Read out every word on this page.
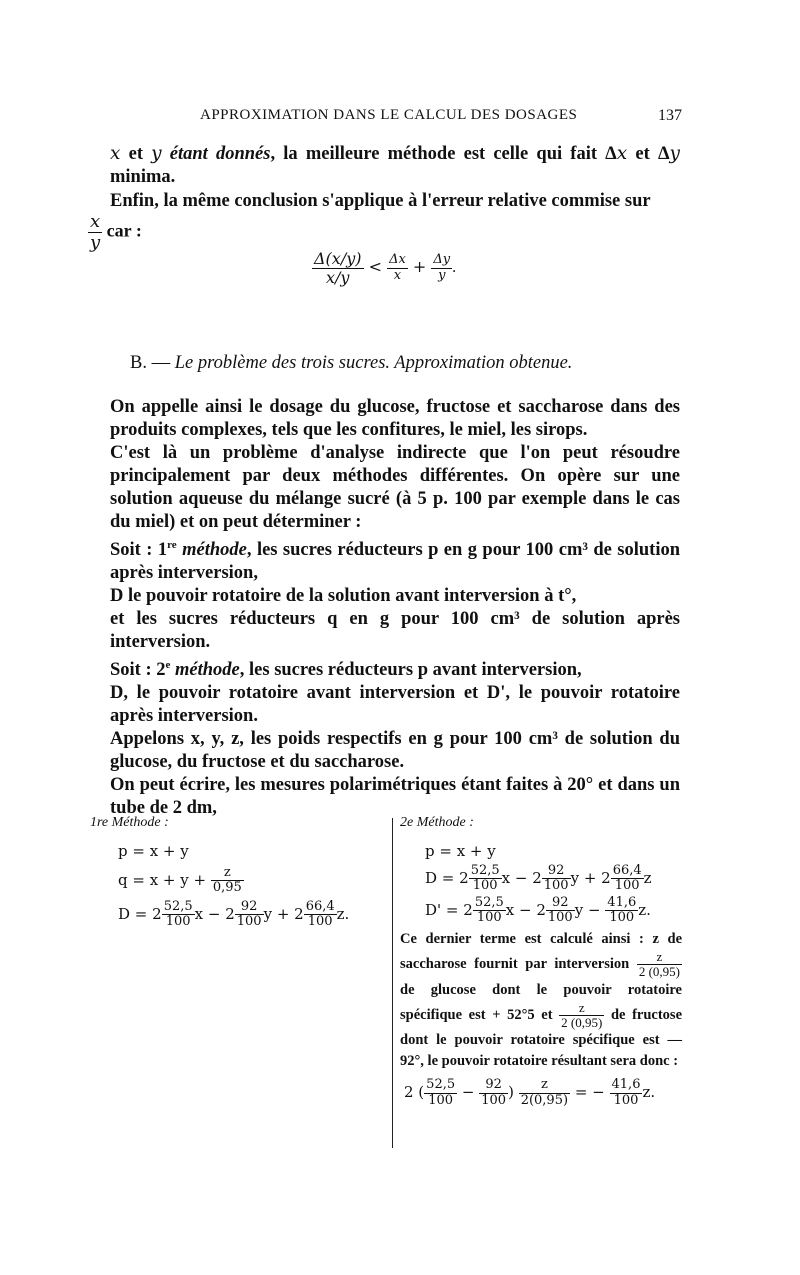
APPROXIMATION DANS LE CALCUL DES DOSAGES	137

x et y étant donnés, la meilleure méthode est celle qui fait Δx et Δy minima.

Enfin, la même conclusion s'applique à l'erreur relative commise sur

$\frac{x}{y}$ car :
$\frac{\Delta(x/y)}{x/y} < \frac{\Delta x}{x} + \frac{\Delta y}{y}$ .
B. — Le problème des trois sucres. Approximation obtenue.

On appelle ainsi le dosage du glucose, fructose et saccharose dans des produits complexes, tels que les confitures, le miel, les sirops.

C'est là un problème d'analyse indirecte que l'on peut résoudre principalement par deux méthodes différentes. On opère sur une solution aqueuse du mélange sucré (à 5 p. 100 par exemple dans le cas du miel) et on peut déterminer :

Soit : 1re méthode, les sucres réducteurs p en g pour 100 cm³ de solution après interversion,

D le pouvoir rotatoire de la solution avant interversion à t°,

et les sucres réducteurs q en g pour 100 cm³ de solution après interversion.

Soit : 2e méthode, les sucres réducteurs p avant interversion,

D, le pouvoir rotatoire avant interversion et D', le pouvoir rotatoire après interversion.

Appelons x, y, z, les poids respectifs en g pour 100 cm³ de solution du glucose, du fructose et du saccharose.

On peut écrire, les mesures polarimétriques étant faites à 20° et dans un tube de 2 dm,

1re Méthode :
p = x + y
$q = x + y + \frac{z}{0,95}$
$D = 2 \frac{52,5}{100}$ $x - 2 \frac{92}{100}$ $y + 2 \frac{66,4}{100} z$.
2e Méthode :
p = x + y
$D = 2 \frac{52,5}{100}$ $x - 2 \frac{92}{100}$ $y + 2 \frac{66,4}{100}$ z
$D' = 2 \frac{52,5}{100}$ $x - 2 \frac{92}{100}$ $y - \frac{41,6}{100} z$.
Ce dernier terme est calculé ainsi : z de saccharose fournit par interversion $\frac{z}{2 (0,95)}$
de glucose dont le pouvoir rotatoire spécifique est + 52°5 et $\frac{z}{2 (0,95)}$ de fructose dont le pouvoir rotatoire spécifique est — 92°, le pouvoir rotatoire résultant sera donc :
2 ( $\frac{52,5}{100} - \frac{92}{100}$ ) $\frac{z}{2(0,95)}$ = − $\frac{41,6}{100} z$.
